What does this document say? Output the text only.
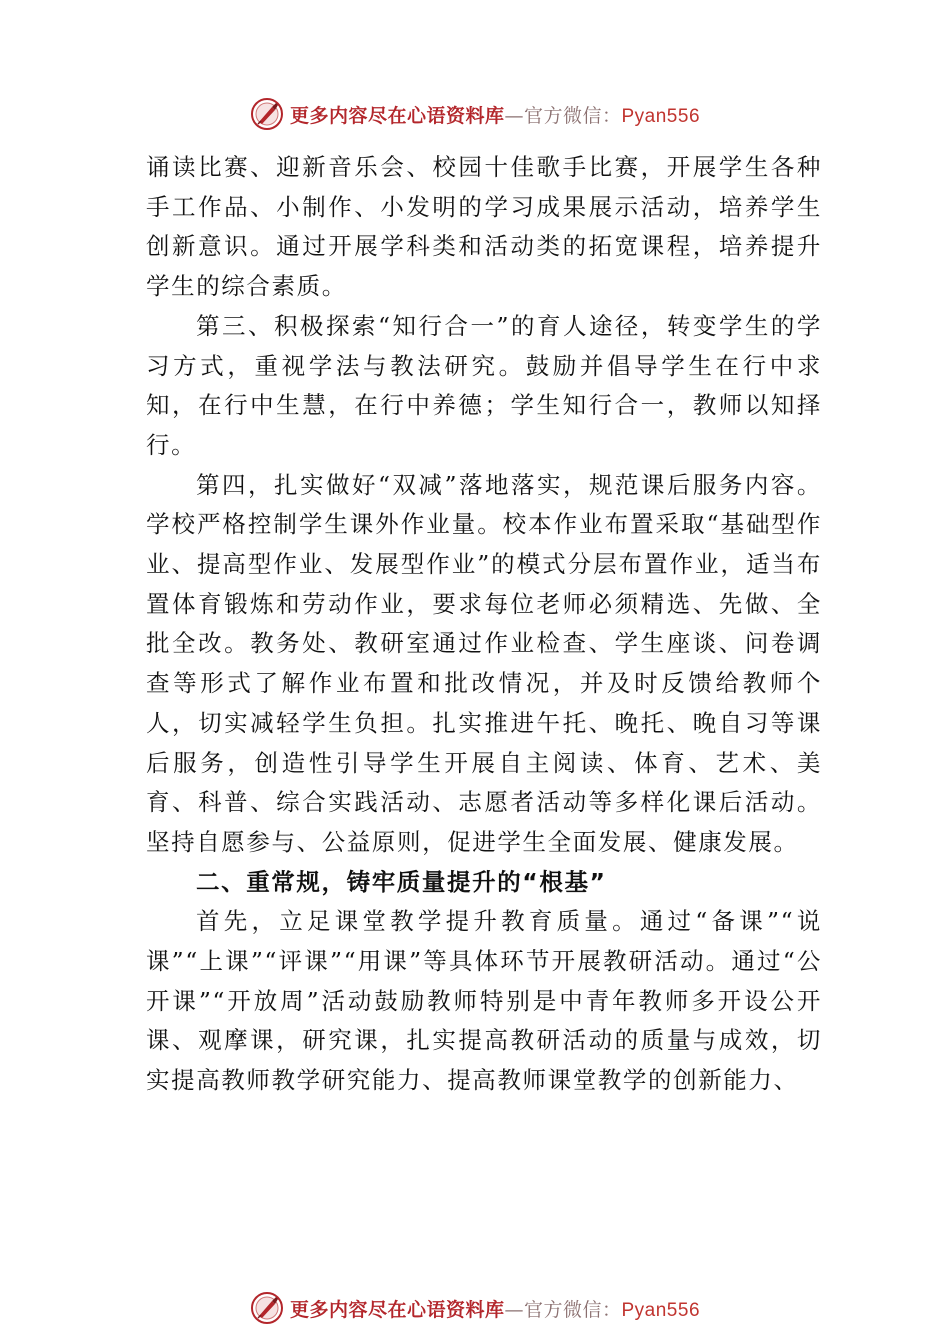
更多内容尽在心语资料库—官方微信：Pyan556

诵读比赛、迎新音乐会、校园十佳歌手比赛，开展学生各种手工作品、小制作、小发明的学习成果展示活动，培养学生创新意识。通过开展学科类和活动类的拓宽课程，培养提升学生的综合素质。

第三、积极探索“知行合一”的育人途径，转变学生的学习方式，重视学法与教法研究。鼓励并倡导学生在行中求知，在行中生慧，在行中养德；学生知行合一，教师以知择行。

第四，扎实做好“双减”落地落实，规范课后服务内容。学校严格控制学生课外作业量。校本作业布置采取“基础型作业、提高型作业、发展型作业”的模式分层布置作业，适当布置体育锻炼和劳动作业，要求每位老师必须精选、先做、全批全改。教务处、教研室通过作业检查、学生座谈、问卷调查等形式了解作业布置和批改情况，并及时反馈给教师个人，切实减轻学生负担。扎实推进午托、晚托、晚自习等课后服务，创造性引导学生开展自主阅读、体育、艺术、美育、科普、综合实践活动、志愿者活动等多样化课后活动。坚持自愿参与、公益原则，促进学生全面发展、健康发展。

二、重常规，铸牢质量提升的“根基”

首先，立足课堂教学提升教育质量。通过“备课”“说课”“上课”“评课”“用课”等具体环节开展教研活动。通过“公开课”“开放周”活动鼓励教师特别是中青年教师多开设公开课、观摩课，研究课，扎实提高教研活动的质量与成效，切实提高教师教学研究能力、提高教师课堂教学的创新能力、

更多内容尽在心语资料库—官方微信：Pyan556
